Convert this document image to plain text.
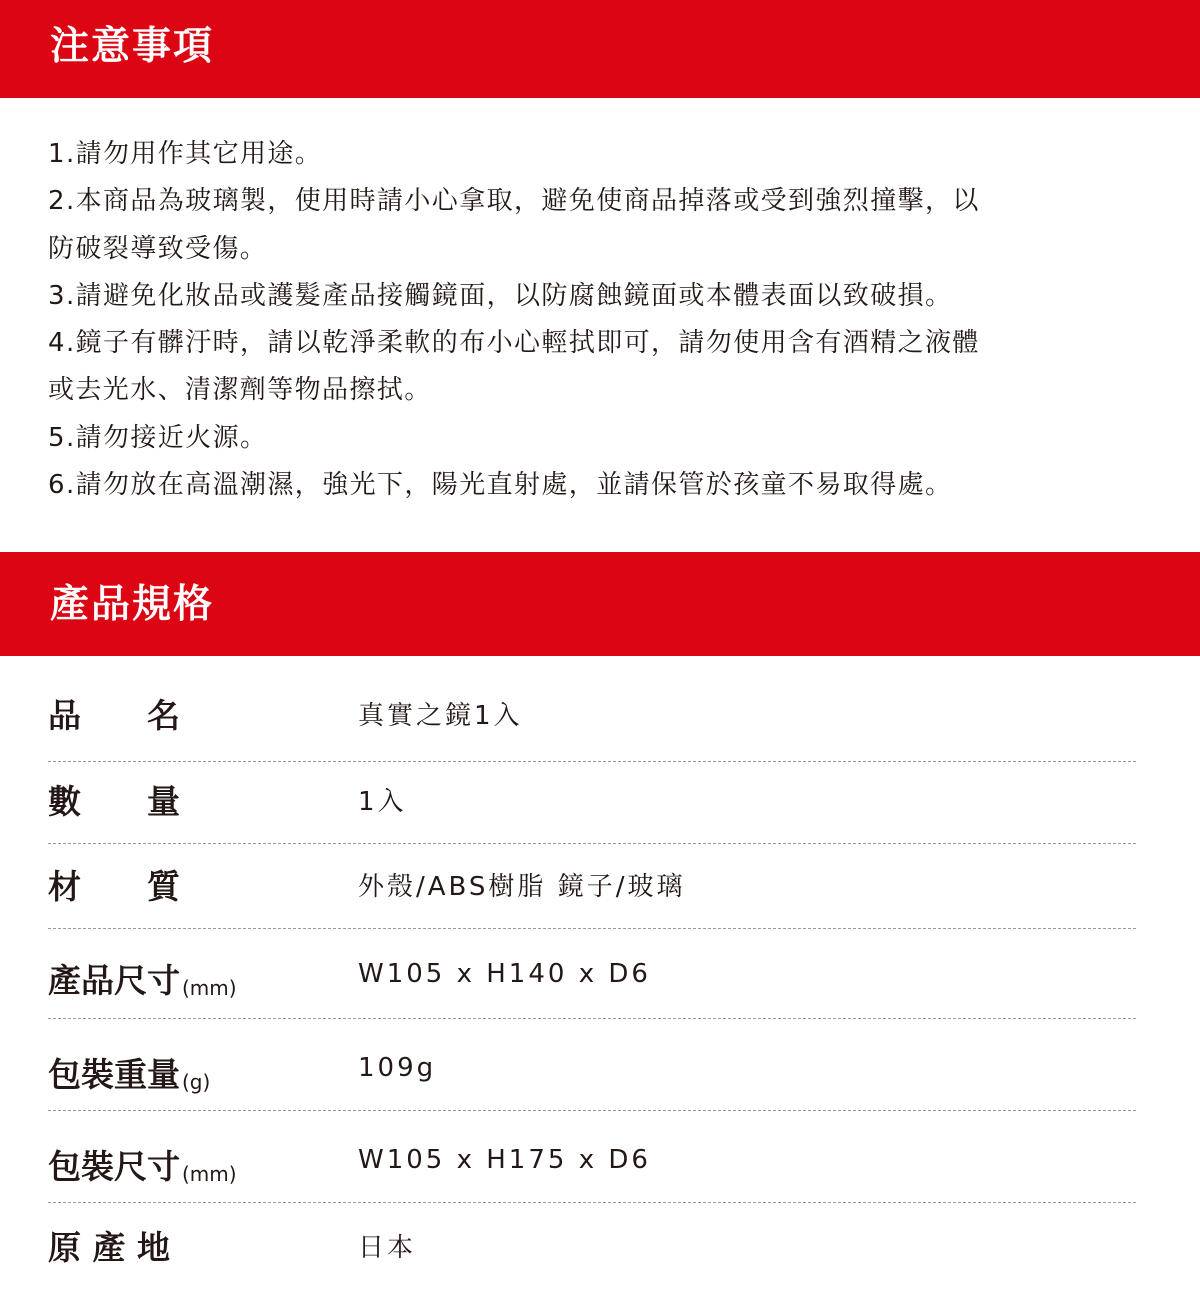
注意事項
1.請勿用作其它用途。
2.本商品為玻璃製，使用時請小心拿取，避免使商品掉落或受到強烈撞擊，以
防破裂導致受傷。
3.請避免化妝品或護髮產品接觸鏡面，以防腐蝕鏡面或本體表面以致破損。
4.鏡子有髒汙時，請以乾淨柔軟的布小心輕拭即可，請勿使用含有酒精之液體
或去光水、清潔劑等物品擦拭。
5.請勿接近火源。
6.請勿放在高溫潮濕，強光下，陽光直射處，並請保管於孩童不易取得處。
產品規格
品　　名	真實之鏡1入
數　　量	1入
材　　質	外殼/ABS樹脂 鏡子/玻璃
產品尺寸 (mm)	W105 x H140 x D6
包裝重量 (g)	109g
包裝尺寸 (mm)	W105 x H175 x D6
原 產 地	日本
